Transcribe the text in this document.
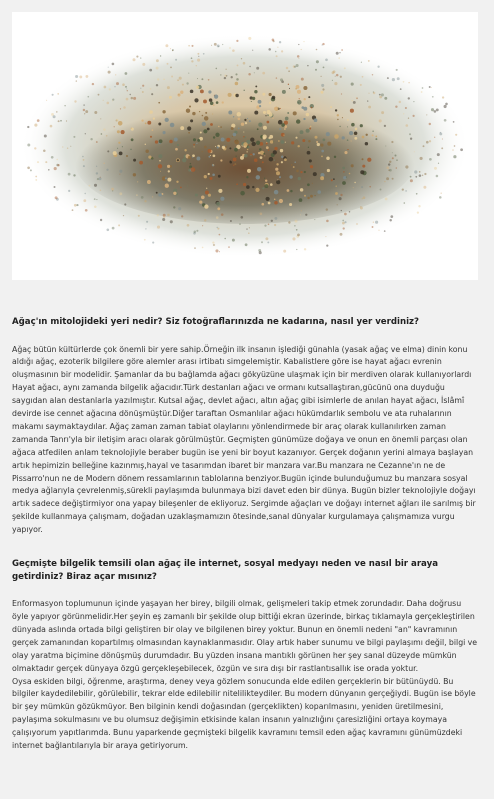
Ağaç'ın mitolojideki yeri nedir? Siz fotoğraflarınızda ne kadarına, nasıl yer verdiniz?

Ağaç bütün kültürlerde çok önemli bir yere sahip.Örneğin ilk insanın işlediği günahla (yasak ağaç ve elma) dinin konu aldığı ağaç, ezoterik bilgilere göre alemler arası irtibatı simgelemiştir. Kabalistlere göre ise hayat ağacı evrenin oluşmasının bir modelidir. Şamanlar da bu bağlamda ağacı gökyüzüne ulaşmak için bir merdiven olarak kullanıyorlardı Hayat ağacı, aynı zamanda bilgelik ağacıdır.Türk destanları ağacı ve ormanı kutsallaştıran,gücünü ona duyduğu saygıdan alan destanlarla yazılmıştır. Kutsal ağaç, devlet ağacı, altın ağaç gibi isimlerle de anılan hayat ağacı, İslâmî devirde ise cennet ağacına dönüşmüştür.Diğer taraftan Osmanlılar ağacı hükümdarlık sembolu ve ata ruhalarının makamı saymaktaydılar. Ağaç zaman zaman tabiat olaylarını yönlendirmede bir araç olarak kullanılırken zaman zamanda Tanrı'yla bir iletişim aracı olarak görülmüştür. Geçmişten günümüze doğaya ve onun en önemli parçası olan ağaca atfedilen anlam teknolojiyle beraber bugün ise yeni bir boyut kazanıyor. Gerçek doğanın yerini almaya başlayan artık hepimizin belleğine kazınmış,hayal ve tasarımdan ibaret bir manzara var.Bu manzara ne Cezanne'ın ne de Pissarro'nun ne de Modern dönem ressamlarının tablolarına benziyor.Bugün içinde bulunduğumuz bu manzara sosyal medya ağlarıyla çevrelenmiş,sürekli paylaşımda bulunmaya bizi davet eden bir dünya. Bugün bizler teknolojiyle doğayı artık sadece değiştirmiyor ona yapay bileşenler de ekliyoruz. Sergimde ağaçları ve doğayı internet ağları ile sarılmış bir şekilde kullanmaya çalışmam, doğadan uzaklaşmamızın ötesinde,sanal dünyalar kurgulamaya çalışmamıza vurgu yapıyor.

Geçmişte bilgelik temsili olan ağaç ile internet, sosyal medyayı neden ve nasıl bir araya getirdiniz? Biraz açar mısınız?

Enformasyon toplumunun içinde yaşayan her birey, bilgili olmak, gelişmeleri takip etmek zorundadır. Daha doğrusu öyle yapıyor görünmelidir.Her şeyin eş zamanlı bir şekilde olup bittiği ekran üzerinde, birkaç tıklamayla gerçekleştirilen dünyada aslında ortada bilgi geliştiren bir olay ve bilgilenen birey yoktur. Bunun en önemli nedeni "an" kavramının gerçek zamanından kopartılmış olmasından kaynaklanmasıdır. Olay artık haber sunumu ve bilgi paylaşımı değil, bilgi ve olay yaratma biçimine dönüşmüş durumdadır. Bu yüzden insana mantıklı görünen her şey sanal düzeyde mümkün olmaktadır gerçek dünyaya özgü gerçekleşebilecek, özgün ve sıra dışı bir rastlantısallık ise orada yoktur.

Oysa eskiden bilgi, öğrenme, araştırma, deney veya gözlem sonucunda elde edilen gerçeklerin bir bütünüydü. Bu bilgiler kaydedilebilir, görülebilir, tekrar elde edilebilir niteliliktеydiler. Bu modern dünyanın gerçeğiydi. Bugün ise böyle bir şey mümkün gözükmüyor. Ben bilginin kendi doğasından (gerçeklikten) koparılmasını, yeniden üretilmesini, paylaşıma sokulmasını ve bu olumsuz değişimin etkisinde kalan insanın yalnızlığını çaresizliğini ortaya koymaya çalışıyorum yapıtlarımda. Bunu yaparkende geçmişteki bilgelik kavramını temsil eden ağaç kavramını günümüzdeki internet bağlantılarıyla bir araya getiriyorum.
